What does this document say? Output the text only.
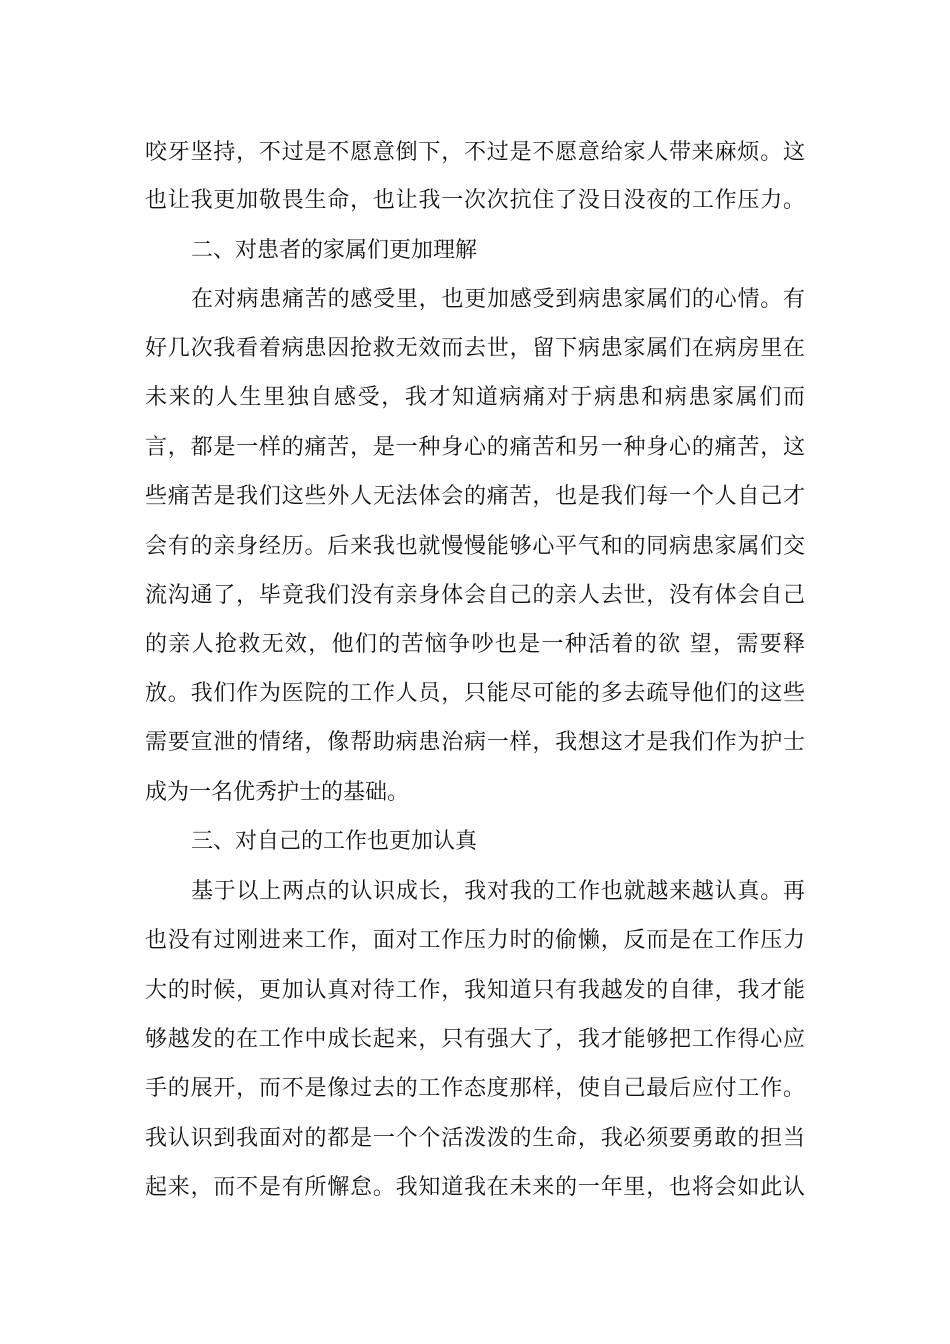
咬牙坚持，不过是不愿意倒下，不过是不愿意给家人带来麻烦。这
也让我更加敬畏生命，也让我一次次抗住了没日没夜的工作压力。
二、对患者的家属们更加理解
在对病患痛苦的感受里，也更加感受到病患家属们的心情。有
好几次我看着病患因抢救无效而去世，留下病患家属们在病房里在
未来的人生里独自感受，我才知道病痛对于病患和病患家属们而
言，都是一样的痛苦，是一种身心的痛苦和另一种身心的痛苦，这
些痛苦是我们这些外人无法体会的痛苦，也是我们每一个人自己才
会有的亲身经历。后来我也就慢慢能够心平气和的同病患家属们交
流沟通了，毕竟我们没有亲身体会自己的亲人去世，没有体会自己
的亲人抢救无效，他们的苦恼争吵也是一种活着的欲 望，需要释
放。我们作为医院的工作人员，只能尽可能的多去疏导他们的这些
需要宣泄的情绪，像帮助病患治病一样，我想这才是我们作为护士
成为一名优秀护士的基础。
三、对自己的工作也更加认真
基于以上两点的认识成长，我对我的工作也就越来越认真。再
也没有过刚进来工作，面对工作压力时的偷懒，反而是在工作压力
大的时候，更加认真对待工作，我知道只有我越发的自律，我才能
够越发的在工作中成长起来，只有强大了，我才能够把工作得心应
手的展开，而不是像过去的工作态度那样，使自己最后应付工作。
我认识到我面对的都是一个个活泼泼的生命，我必须要勇敢的担当
起来，而不是有所懈怠。我知道我在未来的一年里，也将会如此认
